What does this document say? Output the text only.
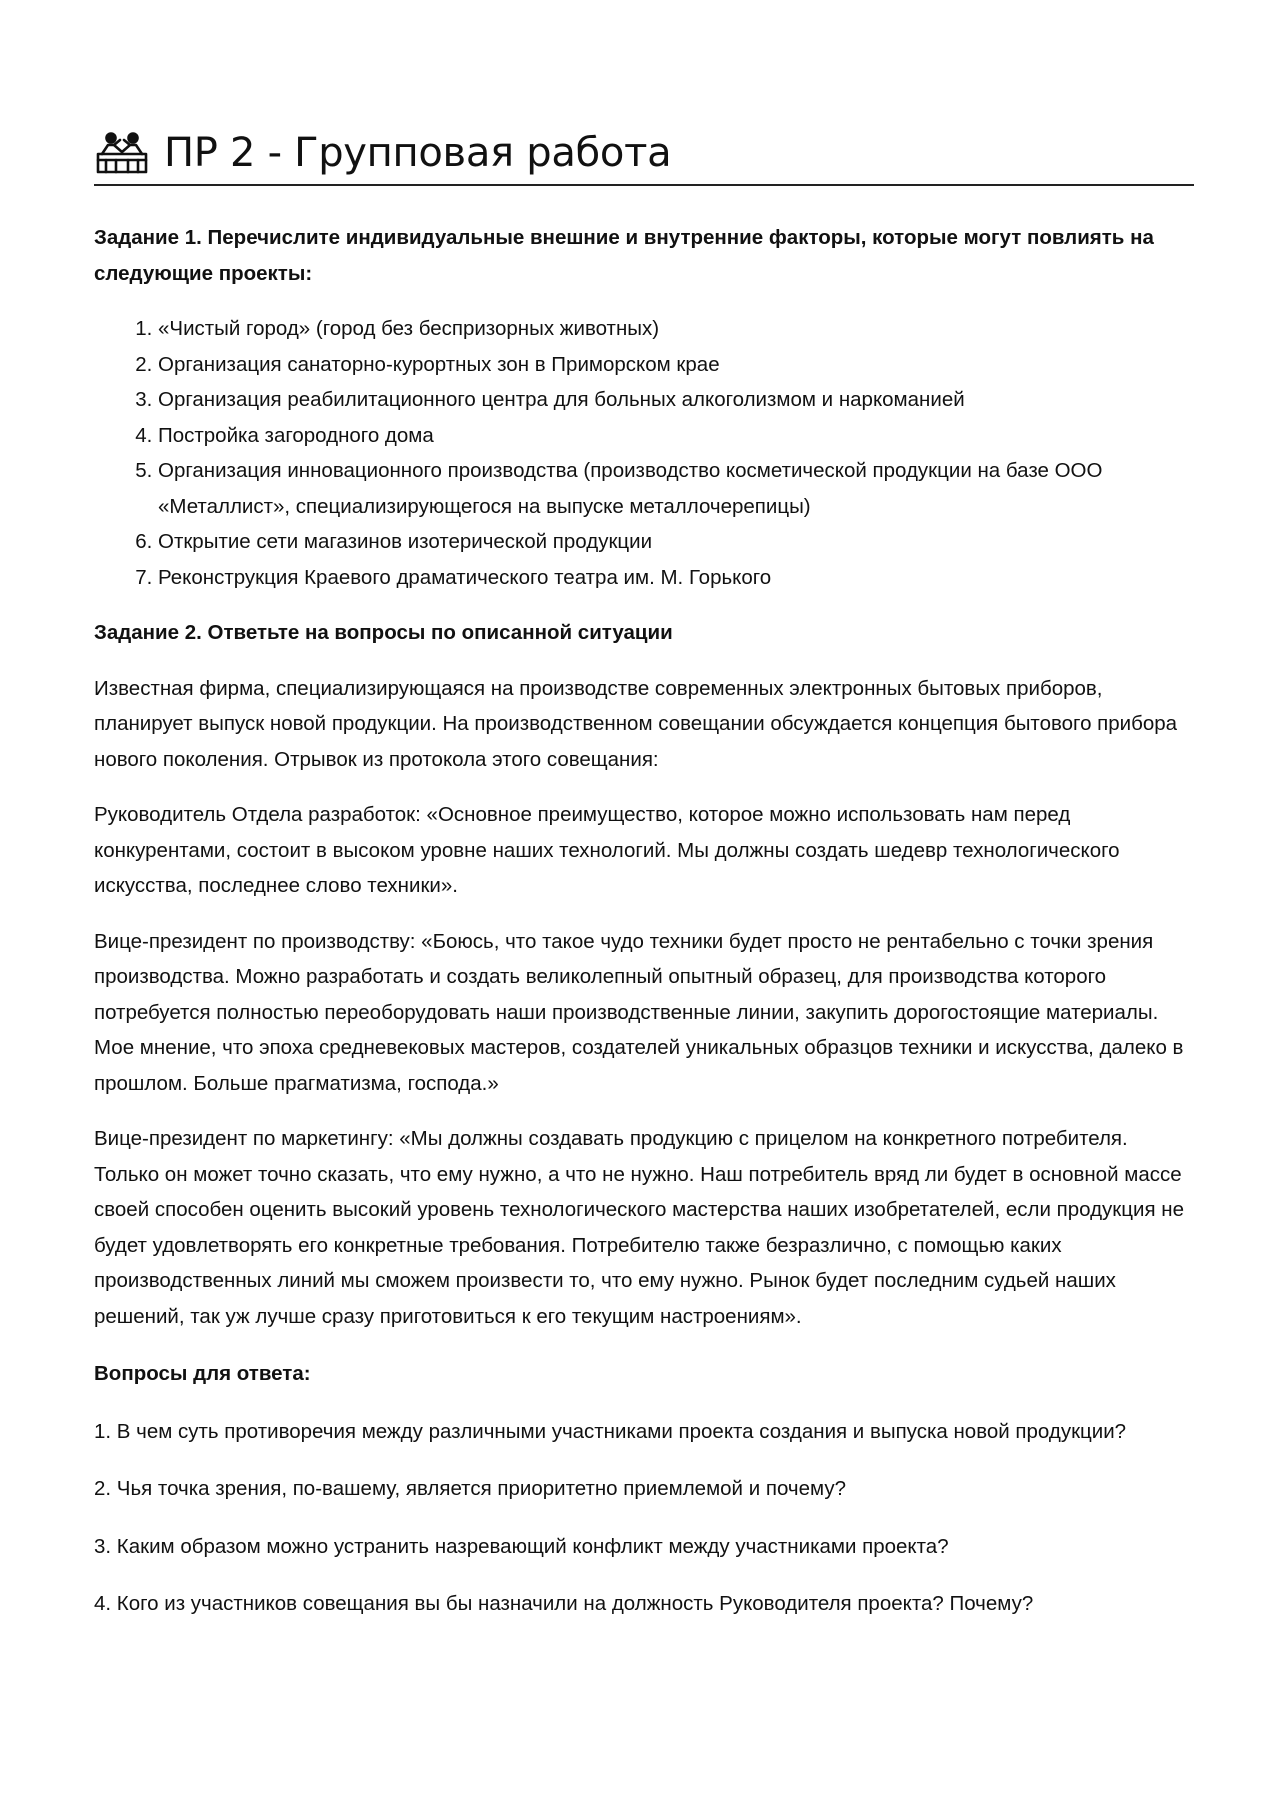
ПР 2 - Групповая работа

Задание 1. Перечислите индивидуальные внешние и внутренние факторы, которые могут повлиять на следующие проекты:

1. «Чистый город» (город без беспризорных животных)
2. Организация санаторно-курортных зон в Приморском крае
3. Организация реабилитационного центра для больных алкоголизмом и наркоманией
4. Постройка загородного дома
5. Организация инновационного производства (производство косметической продукции на базе ООО «Металлист», специализирующегося на выпуске металлочерепицы)
6. Открытие сети магазинов изотерической продукции
7. Реконструкция Краевого драматического театра им. М. Горького

Задание 2. Ответьте на вопросы по описанной ситуации

Известная фирма, специализирующаяся на производстве современных электронных бытовых приборов, планирует выпуск новой продукции. На производственном совещании обсуждается концепция бытового прибора нового поколения. Отрывок из протокола этого совещания:

Руководитель Отдела разработок: «Основное преимущество, которое можно использовать нам перед конкурентами, состоит в высоком уровне наших технологий. Мы должны создать шедевр технологического искусства, последнее слово техники».

Вице-президент по производству: «Боюсь, что такое чудо техники будет просто не рентабельно с точки зрения производства. Можно разработать и создать великолепный опытный образец, для производства которого потребуется полностью переоборудовать наши производственные линии, закупить дорогостоящие материалы. Мое мнение, что эпоха средневековых мастеров, создателей уникальных образцов техники и искусства, далеко в прошлом. Больше прагматизма, господа.»

Вице-президент по маркетингу: «Мы должны создавать продукцию с прицелом на конкретного потребителя. Только он может точно сказать, что ему нужно, а что не нужно. Наш потребитель вряд ли будет в основной массе своей способен оценить высокий уровень технологического мастерства наших изобретателей, если продукция не будет удовлетворять его конкретные требования. Потребителю также безразлично, с помощью каких производственных линий мы сможем произвести то, что ему нужно. Рынок будет последним судьей наших решений, так уж лучше сразу приготовиться к его текущим настроениям».

Вопросы для ответа:

1. В чем суть противоречия между различными участниками проекта создания и выпуска новой продукции?

2. Чья точка зрения, по-вашему, является приоритетно приемлемой и почему?

3. Каким образом можно устранить назревающий конфликт между участниками проекта?

4. Кого из участников совещания вы бы назначили на должность Руководителя проекта? Почему?
